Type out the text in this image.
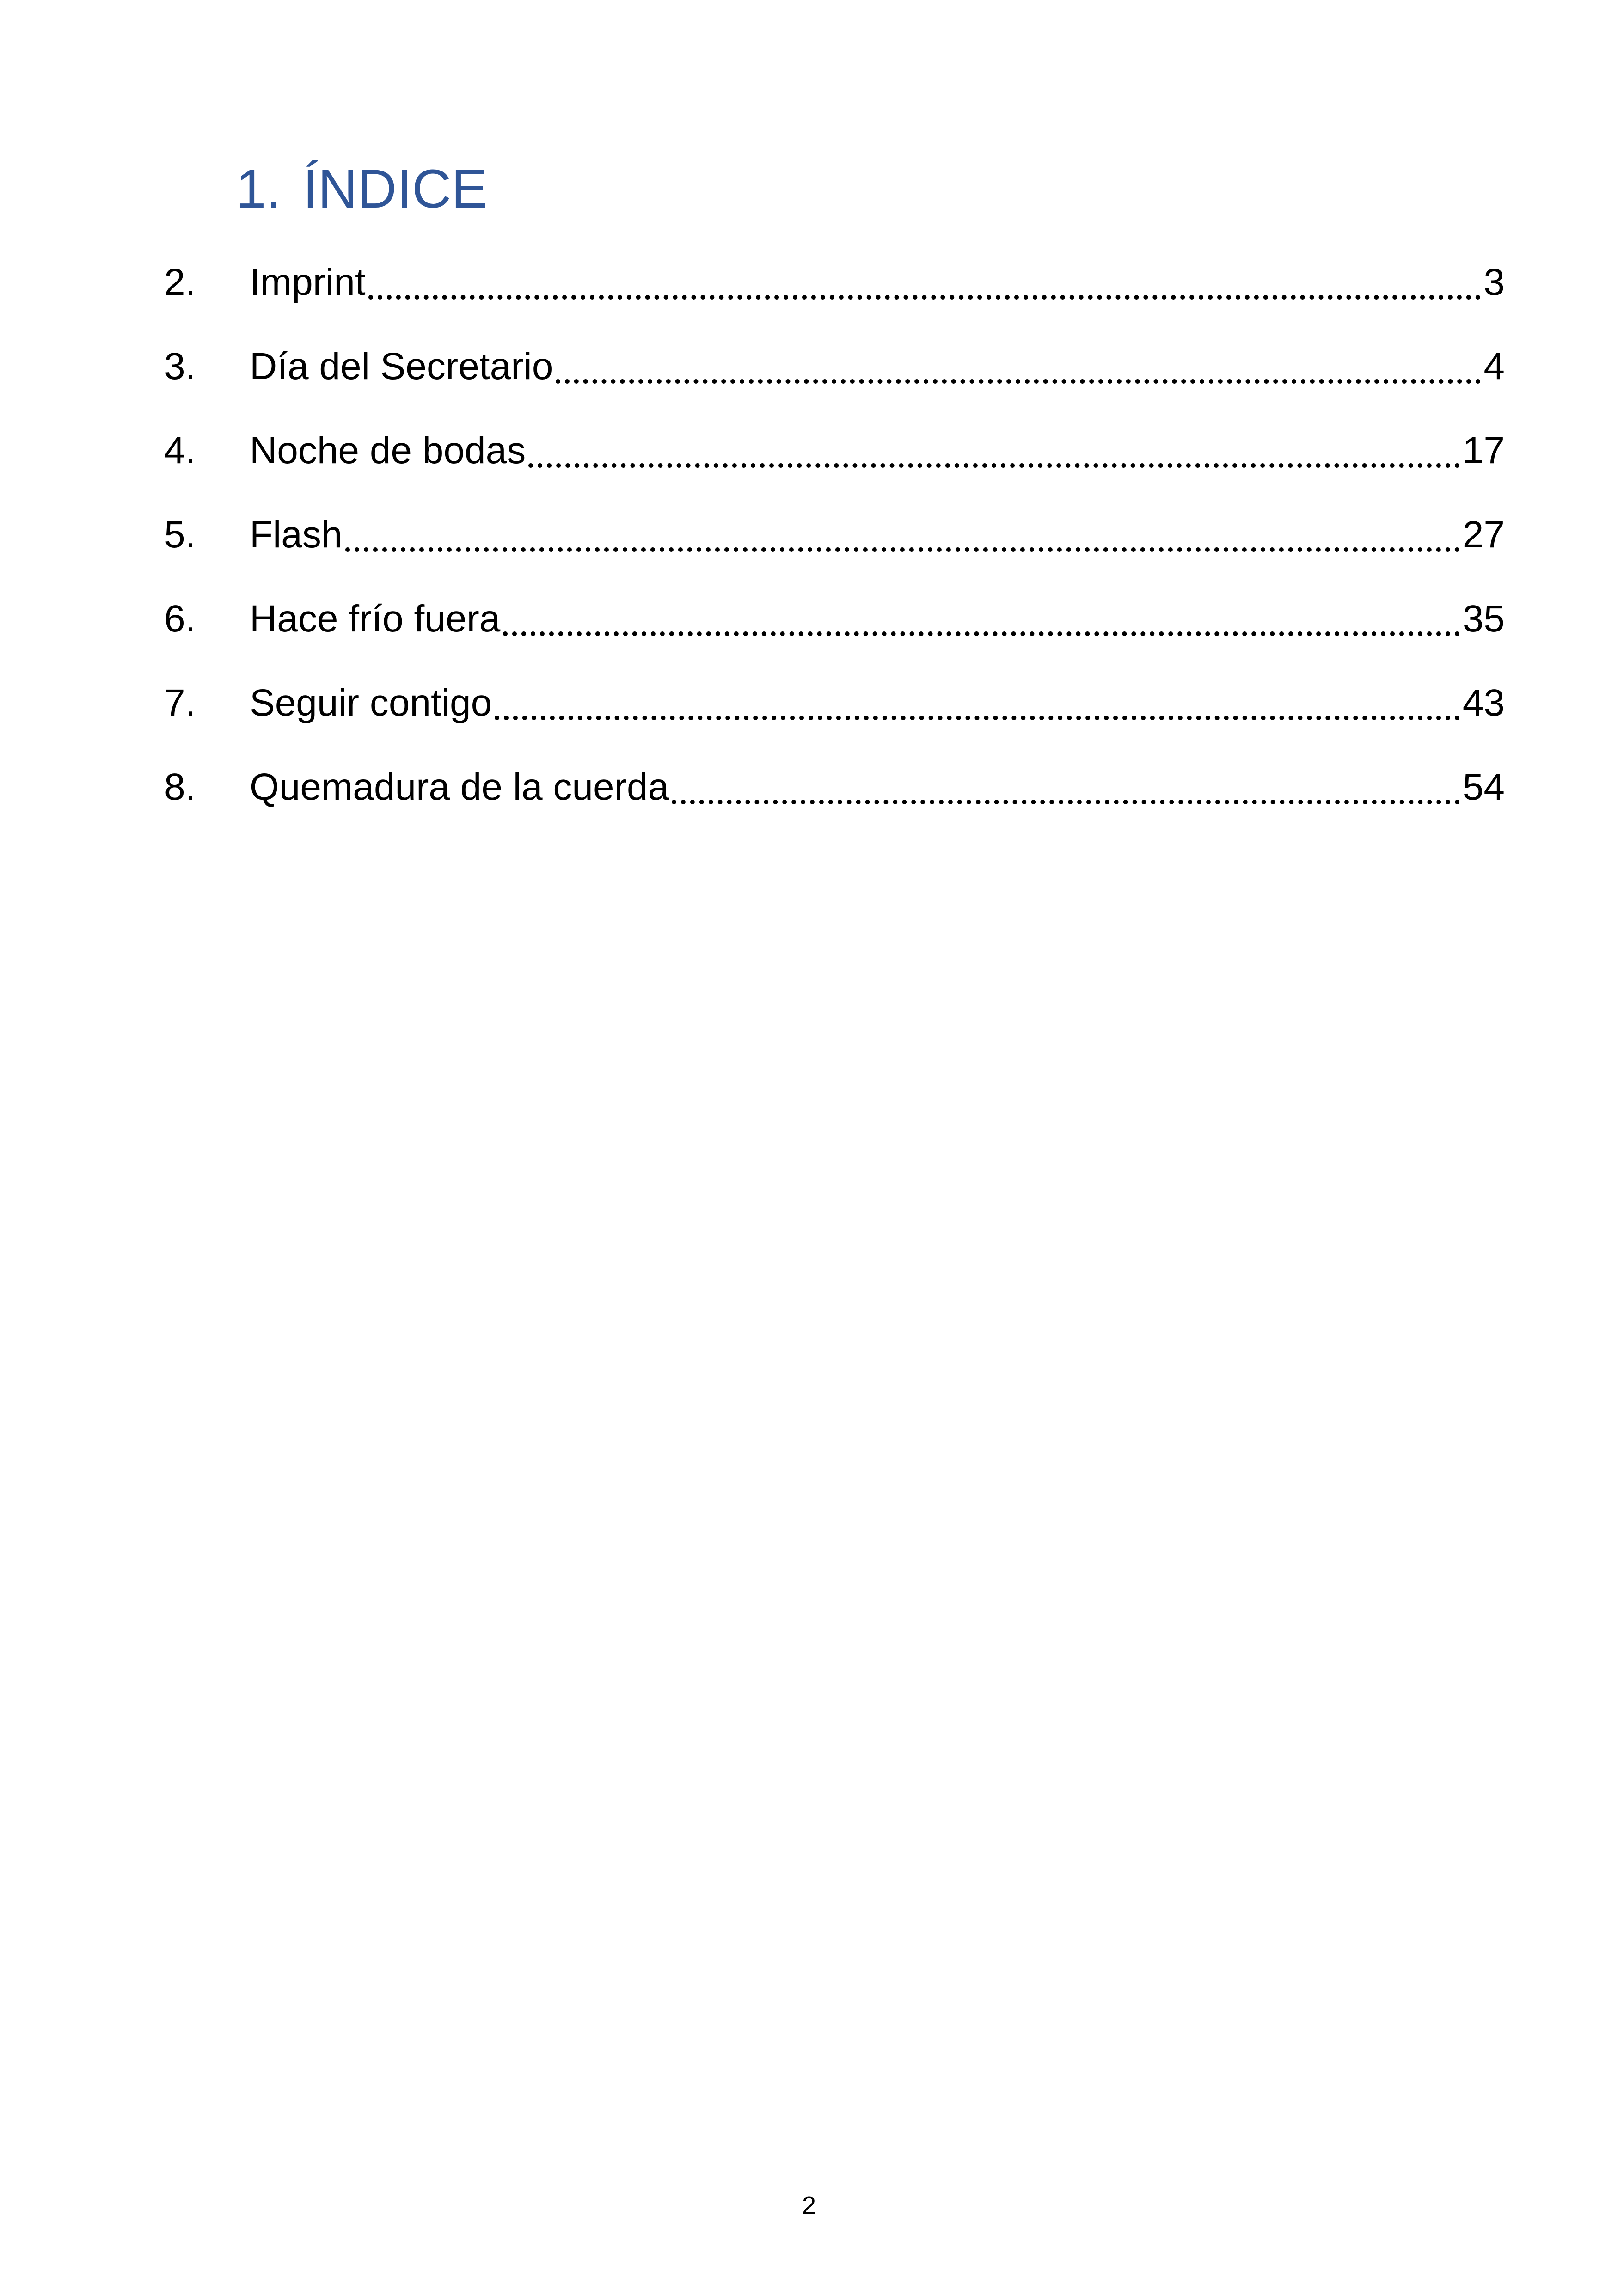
1. ÍNDICE
2.	Imprint	3
3.	Día del Secretario	4
4.	Noche de bodas	17
5.	Flash	27
6.	Hace frío fuera	35
7.	Seguir contigo	43
8.	Quemadura de la cuerda	54
2
